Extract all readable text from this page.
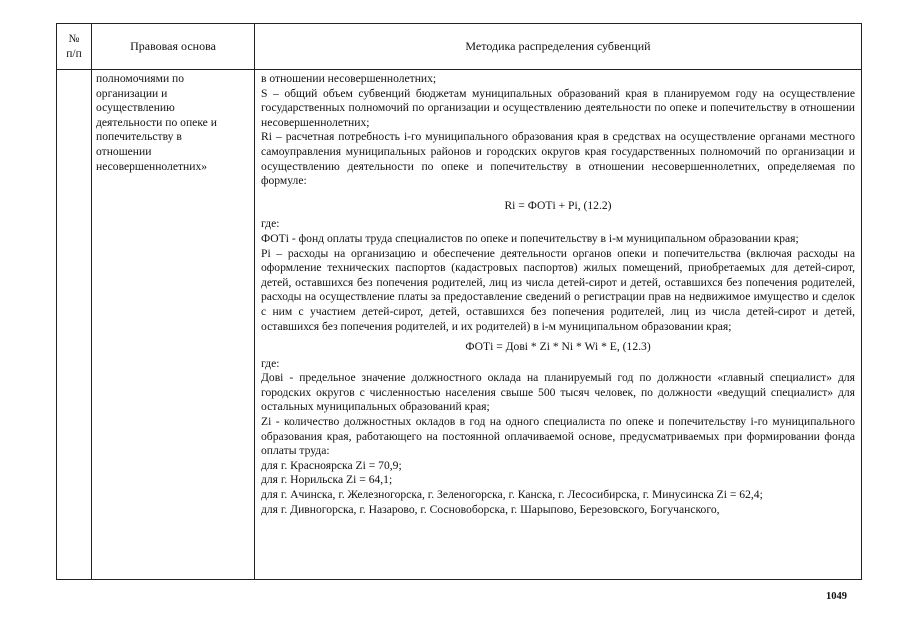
№
п/п
Правовая основа	Методика распределения субвенций
полномочиями по
организации и
осуществлению
деятельности по опеке и
попечительству в
отношении
несовершеннолетних»

в отношении несовершеннолетних;

S – общий объем субвенций бюджетам муниципальных образований края в планируемом году на осуществление государственных полномочий по организации и осуществлению деятельности по опеке и попечительству в отношении несовершеннолетних;

Ri – расчетная потребность i-го муниципального образования края в средствах на осуществление органами местного самоуправления муниципальных районов и городских округов края государственных полномочий по организации и осуществлению деятельности по опеке и попечительству в отношении несовершеннолетних, определяемая по формуле:

Ri = ФОТi + Pi, (12.2)

где:

ФОТi - фонд оплаты труда специалистов по опеке и попечительству в i-м муниципальном образовании края;

Pi – расходы на организацию и обеспечение деятельности органов опеки и попечительства (включая расходы на оформление технических паспортов (кадастровых паспортов) жилых помещений, приобретаемых для детей-сирот, детей, оставшихся без попечения родителей, лиц из числа детей-сирот и детей, оставшихся без попечения родителей, расходы на осуществление платы за предоставление сведений о регистрации прав на недвижимое имущество и сделок с ним с участием детей-сирот, детей, оставшихся без попечения родителей, лиц из числа детей-сирот и детей, оставшихся без попечения родителей, и их родителей) в i-м муниципальном образовании края;

ФОТi = Довi * Zi * Ni * Wi * E, (12.3)

где:

Довi - предельное значение должностного оклада на планируемый год по должности «главный специалист» для городских округов с численностью населения свыше 500 тысяч человек, по должности «ведущий специалист» для остальных муниципальных образований края;

Zi - количество должностных окладов в год на одного специалиста по опеке и попечительству i-го муниципального образования края, работающего на постоянной оплачиваемой основе, предусматриваемых при формировании фонда оплаты труда:

для г. Красноярска Zi = 70,9;

для г. Норильска Zi = 64,1;

для г. Ачинска, г. Железногорска, г. Зеленогорска, г. Канска, г. Лесосибирска, г. Минусинска Zi = 62,4;

для г. Дивногорска, г. Назарово, г. Сосновоборска, г. Шарыпово, Березовского, Богучанского,

1049
